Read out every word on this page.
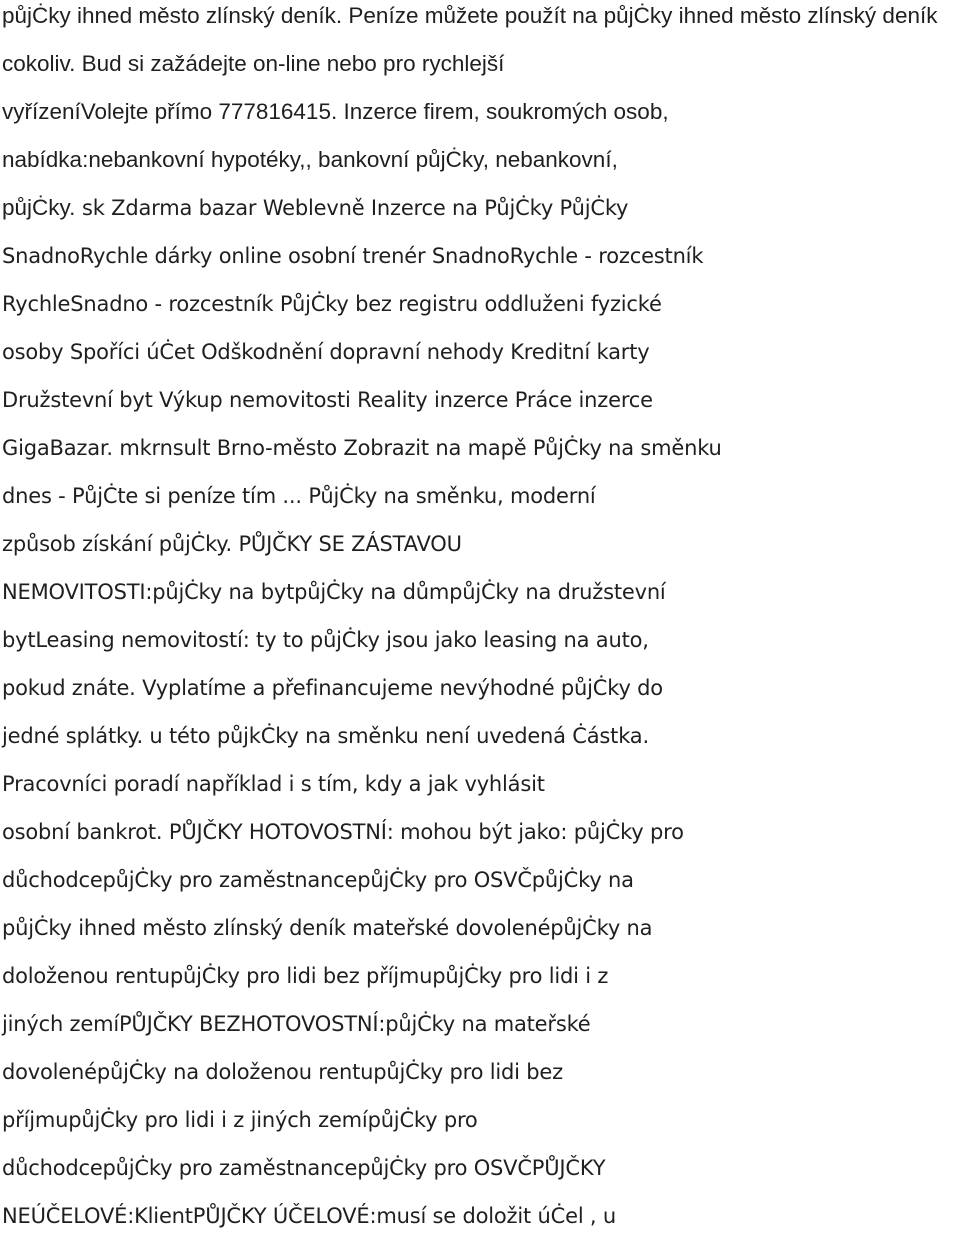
půjĊky ihned město zlínský deník. Peníze můžete použít na půjĊky ihned město zlínský deník
cokoliv. Bud si zažádejte on-line nebo pro rychlejší
vyřízeníVolejte přímo 777816415. Inzerce firem, soukromých osob,
nabídka:nebankovní hypotéky,, bankovní půjĊky, nebankovní,
půjĊky. sk Zdarma bazar Weblevně Inzerce na PůjĊky PůjĊky
SnadnoRychle dárky online osobní trenér SnadnoRychle - rozcestník
RychleSnadno - rozcestník PůjĊky bez registru oddluženi fyzické
osoby Spoříci úĊet Odškodnění dopravní nehody Kreditní karty
Družstevní byt Výkup nemovitosti Reality inzerce Práce inzerce
GigaBazar. mkrnsult Brno-město Zobrazit na mapě PůjĊky na směnku
dnes - PůjĊte si peníze tím ... PůjĊky na směnku, moderní
způsob získání půjĊky. PŮJČKY SE ZÁSTAVOU
NEMOVITOSTI:půjĊky na bytpůjĊky na důmpůjĊky na družstevní
bytLeasing nemovitostí: ty to půjĊky jsou jako leasing na auto,
pokud znáte. Vyplatíme a přefinancujeme nevýhodné půjĊky do
jedné splátky. u této půjkĊky na směnku není uvedená Ċástka.
Pracovníci poradí například i s tím, kdy a jak vyhlásit
osobní bankrot. PŮJČKY HOTOVOSTNÍ: mohou být jako: půjĊky pro
důchodcepůjĊky pro zaměstnancepůjĊky pro OSVČpůjĊky na
půjĊky ihned město zlínský deník mateřské dovolenépůjĊky na
doloženou rentupůjĊky pro lidi bez příjmupůjĊky pro lidi i z
jiných zemíPŮJČKY BEZHOTOVOSTNÍ:půjĊky na mateřské
dovolenépůjĊky na doloženou rentupůjĊky pro lidi bez
příjmupůjĊky pro lidi i z jiných zemípůjĊky pro
důchodcepůjĊky pro zaměstnancepůjĊky pro OSVČPŮJČKY
NEÚČELOVÉ:KlientPŮJČKY ÚČELOVÉ:musí se doložit úĊel , u
